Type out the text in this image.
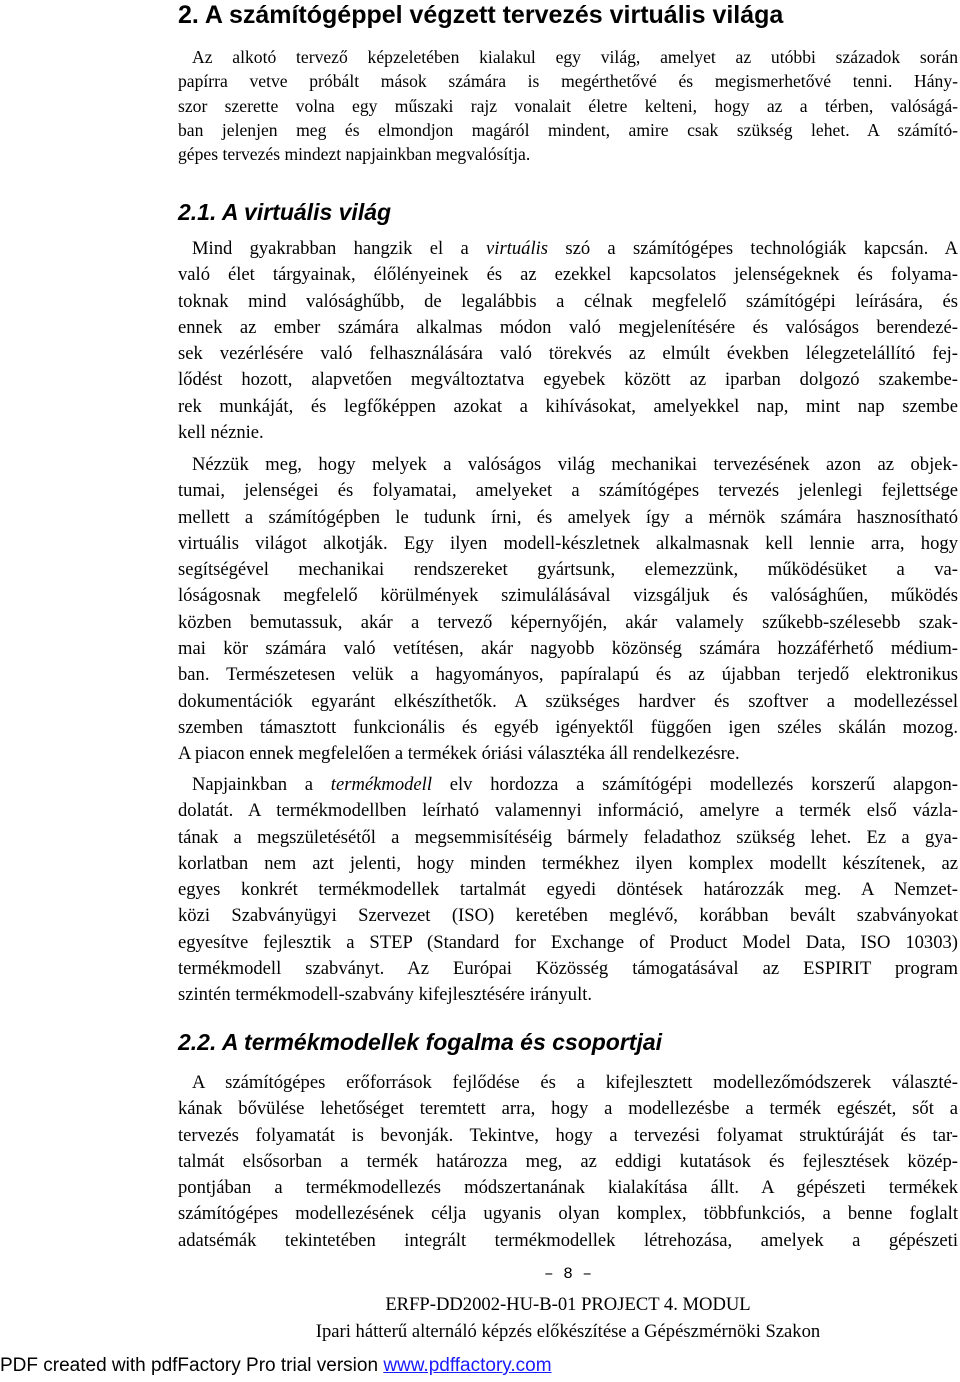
2. A számítógéppel végzett tervezés virtuális világa
Az alkotó tervező képzeletében kialakul egy világ, amelyet az utóbbi századok során
papírra vetve próbált mások számára is megérthetővé és megismerhetővé tenni. Hány-
szor szerette volna egy műszaki rajz vonalait életre kelteni, hogy az a térben, valóságá-
ban jelenjen meg és elmondjon magáról mindent, amire csak szükség lehet. A számító-
gépes tervezés mindezt napjainkban megvalósítja.
2.1. A virtuális világ
Mind gyakrabban hangzik el a virtuális szó a számítógépes technológiák kapcsán. A
való élet tárgyainak, élőlényeinek és az ezekkel kapcsolatos jelenségeknek és folyama-
toknak mind valósághűbb, de legalábbis a célnak megfelelő számítógépi leírására, és
ennek az ember számára alkalmas módon való megjelenítésére és valóságos berendezé-
sek vezérlésére való felhasználására való törekvés az elmúlt években lélegzetelállító fej-
lődést hozott, alapvetően megváltoztatva egyebek között az iparban dolgozó szakembe-
rek munkáját, és legfőképpen azokat a kihívásokat, amelyekkel nap, mint nap szembe
kell néznie.
Nézzük meg, hogy melyek a valóságos világ mechanikai tervezésének azon az objek-
tumai, jelenségei és folyamatai, amelyeket a számítógépes tervezés jelenlegi fejlettsége
mellett a számítógépben le tudunk írni, és amelyek így a mérnök számára hasznosítható
virtuális világot alkotják. Egy ilyen modell-készletnek alkalmasnak kell lennie arra, hogy
segítségével mechanikai rendszereket gyártsunk, elemezzünk, működésüket a va-
lóságosnak megfelelő körülmények szimulálásával vizsgáljuk és valósághűen, működés
közben bemutassuk, akár a tervező képernyőjén, akár valamely szűkebb-szélesebb szak-
mai kör számára való vetítésen, akár nagyobb közönség számára hozzáférhető médium-
ban. Természetesen velük a hagyományos, papíralapú és az újabban terjedő elektronikus
dokumentációk egyaránt elkészíthetők. A szükséges hardver és szoftver a modellezéssel
szemben támasztott funkcionális és egyéb igényektől függően igen széles skálán mozog.
A piacon ennek megfelelően a termékek óriási választéka áll rendelkezésre.
Napjainkban a termékmodell elv hordozza a számítógépi modellezés korszerű alapgon-
dolatát. A termékmodellben leírható valamennyi információ, amelyre a termék első vázla-
tának a megszületésétől a megsemmisítéséig bármely feladathoz szükség lehet. Ez a gya-
korlatban nem azt jelenti, hogy minden termékhez ilyen komplex modellt készítenek, az
egyes konkrét termékmodellek tartalmát egyedi döntések határozzák meg. A Nemzet-
közi Szabványügyi Szervezet (ISO) keretében meglévő, korábban bevált szabványokat
egyesítve fejlesztik a STEP (Standard for Exchange of Product Model Data, ISO 10303)
termékmodell szabványt. Az Európai Közösség támogatásával az ESPIRIT program
szintén termékmodell-szabvány kifejlesztésére irányult.
2.2. A termékmodellek fogalma és csoportjai
A számítógépes erőforrások fejlődése és a kifejlesztett modellezőmódszerek választé-
kának bővülése lehetőséget teremtett arra, hogy a modellezésbe a termék egészét, sőt a
tervezés folyamatát is bevonják. Tekintve, hogy a tervezési folyamat struktúráját és tar-
talmát elsősorban a termék határozza meg, az eddigi kutatások és fejlesztések közép-
pontjában a termékmodellezés módszertanának kialakítása állt. A gépészeti termékek
számítógépes modellezésének célja ugyanis olyan komplex, többfunkciós, a benne foglalt
adatsémák tekintetében integrált termékmodellek létrehozása, amelyek a gépészeti
– 8 –
ERFP-DD2002-HU-B-01 PROJECT 4. MODUL
Ipari hátterű alternáló képzés előkészítése a Gépészmérnöki Szakon
PDF created with pdfFactory Pro trial version www.pdffactory.com
